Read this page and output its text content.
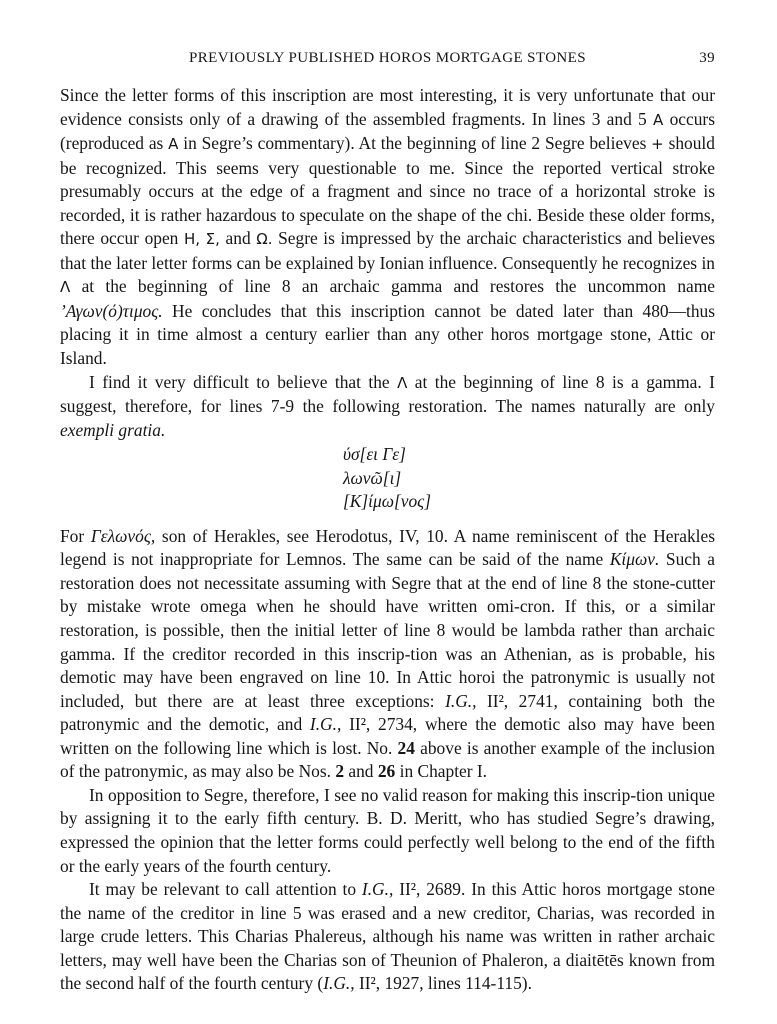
PREVIOUSLY PUBLISHED HOROS MORTGAGE STONES	39

Since the letter forms of this inscription are most interesting, it is very unfortunate that our evidence consists only of a drawing of the assembled fragments. In lines 3 and 5 Α occurs (reproduced as Α in Segre’s commentary). At the beginning of line 2 Segre believes + should be recognized. This seems very questionable to me. Since the reported vertical stroke presumably occurs at the edge of a fragment and since no trace of a horizontal stroke is recorded, it is rather hazardous to speculate on the shape of the chi. Beside these older forms, there occur open H, Σ, and Ω. Segre is impressed by the archaic characteristics and believes that the later letter forms can be explained by Ionian influence. Consequently he recognizes in Λ at the beginning of line 8 an archaic gamma and restores the uncommon name ’Αγων(ό)τιμος. He concludes that this inscription cannot be dated later than 480—thus placing it in time almost a century earlier than any other horos mortgage stone, Attic or Island.

I find it very difficult to believe that the Λ at the beginning of line 8 is a gamma. I suggest, therefore, for lines 7-9 the following restoration. The names naturally are only exempli gratia.

ύσ[ει Γε]
λωνῶ[ι]
[Κ]ίμω[νος]

For Γελωνός, son of Herakles, see Herodotus, IV, 10. A name reminiscent of the Herakles legend is not inappropriate for Lemnos. The same can be said of the name Κίμων. Such a restoration does not necessitate assuming with Segre that at the end of line 8 the stone-cutter by mistake wrote omega when he should have written omi-cron. If this, or a similar restoration, is possible, then the initial letter of line 8 would be lambda rather than archaic gamma. If the creditor recorded in this inscrip-tion was an Athenian, as is probable, his demotic may have been engraved on line 10. In Attic horoi the patronymic is usually not included, but there are at least three exceptions: I.G., II², 2741, containing both the patronymic and the demotic, and I.G., II², 2734, where the demotic also may have been written on the following line which is lost. No. 24 above is another example of the inclusion of the patronymic, as may also be Nos. 2 and 26 in Chapter I.

In opposition to Segre, therefore, I see no valid reason for making this inscrip-tion unique by assigning it to the early fifth century. B. D. Meritt, who has studied Segre’s drawing, expressed the opinion that the letter forms could perfectly well belong to the end of the fifth or the early years of the fourth century.

It may be relevant to call attention to I.G., II², 2689. In this Attic horos mortgage stone the name of the creditor in line 5 was erased and a new creditor, Charias, was recorded in large crude letters. This Charias Phalereus, although his name was written in rather archaic letters, may well have been the Charias son of Theunion of Phaleron, a diaitētēs known from the second half of the fourth century (I.G., II², 1927, lines 114-115).
